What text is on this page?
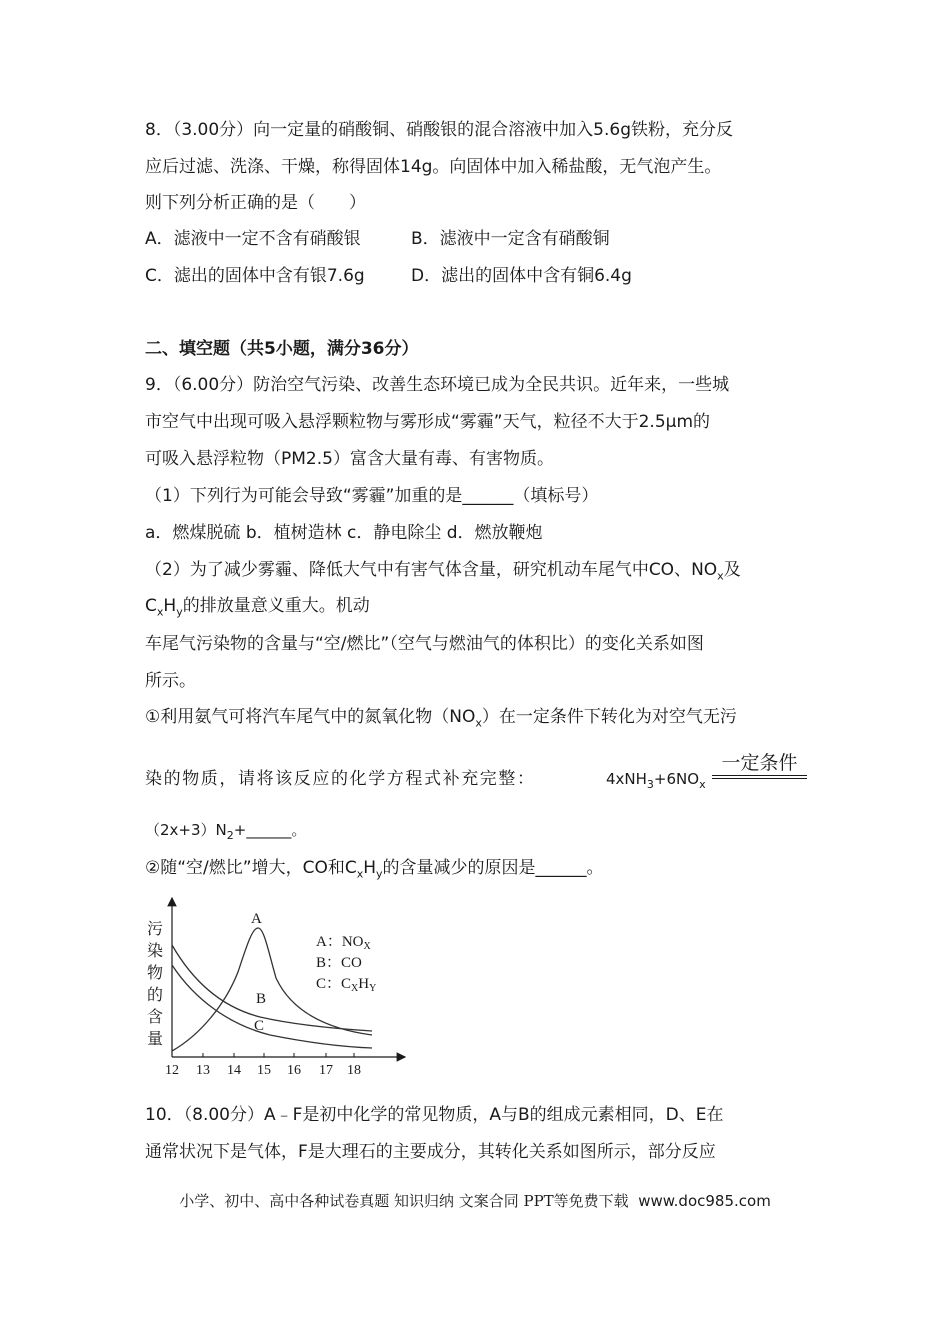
8．（3.00分）向一定量的硝酸铜、硝酸银的混合溶液中加入5.6g铁粉，充分反
应后过滤、洗涤、干燥，称得固体14g。向固体中加入稀盐酸，无气泡产生。
则下列分析正确的是（　　）
A．滤液中一定不含有硝酸银	B．滤液中一定含有硝酸铜
C．滤出的固体中含有银7.6g	D．滤出的固体中含有铜6.4g
二、填空题（共5小题，满分36分）
9．（6.00分）防治空气污染、改善生态环境已成为全民共识。近年来，一些城
市空气中出现可吸入悬浮颗粒物与雾形成“雾霾”天气，粒径不大于2.5μm的
可吸入悬浮粒物（PM2.5）富含大量有毒、有害物质。
（1）下列行为可能会导致“雾霾”加重的是______（填标号）
a．燃煤脱硫 b．植树造林 c．静电除尘 d．燃放鞭炮
（2）为了减少雾霾、降低大气中有害气体含量，研究机动车尾气中CO、$NO_x$及
$C_xH_y$的排放量意义重大。机动
车尾气污染物的含量与“空/燃比”（空气与燃油气的体积比）的变化关系如图
所示。
①利用氨气可将汽车尾气中的氮氧化物$(NO_x)$在一定条件下转化为对空气无污
染的物质，请将该反应的化学方程式补充完整：	$4xNH_3+6NO_x$
一定条件
$(2x+3)N_2+\_\_\_\_\_\_$。
②随“空/燃比”增大，CO和$C_xH_y$的含量减少的原因是______。
12 13 14 15 16 17 18
污
染
物
的
含
量
A
B
C
A：$NO_X$
B：CO
C：$C_XH_Y$
10．（8.00分）A﹣F是初中化学的常见物质，A与B的组成元素相同，D、E在
通常状况下是气体，F是大理石的主要成分，其转化关系如图所示，部分反应
小学、初中、高中各种试卷真题 知识归纳 文案合同 PPT等免费下载 www.doc985.com
